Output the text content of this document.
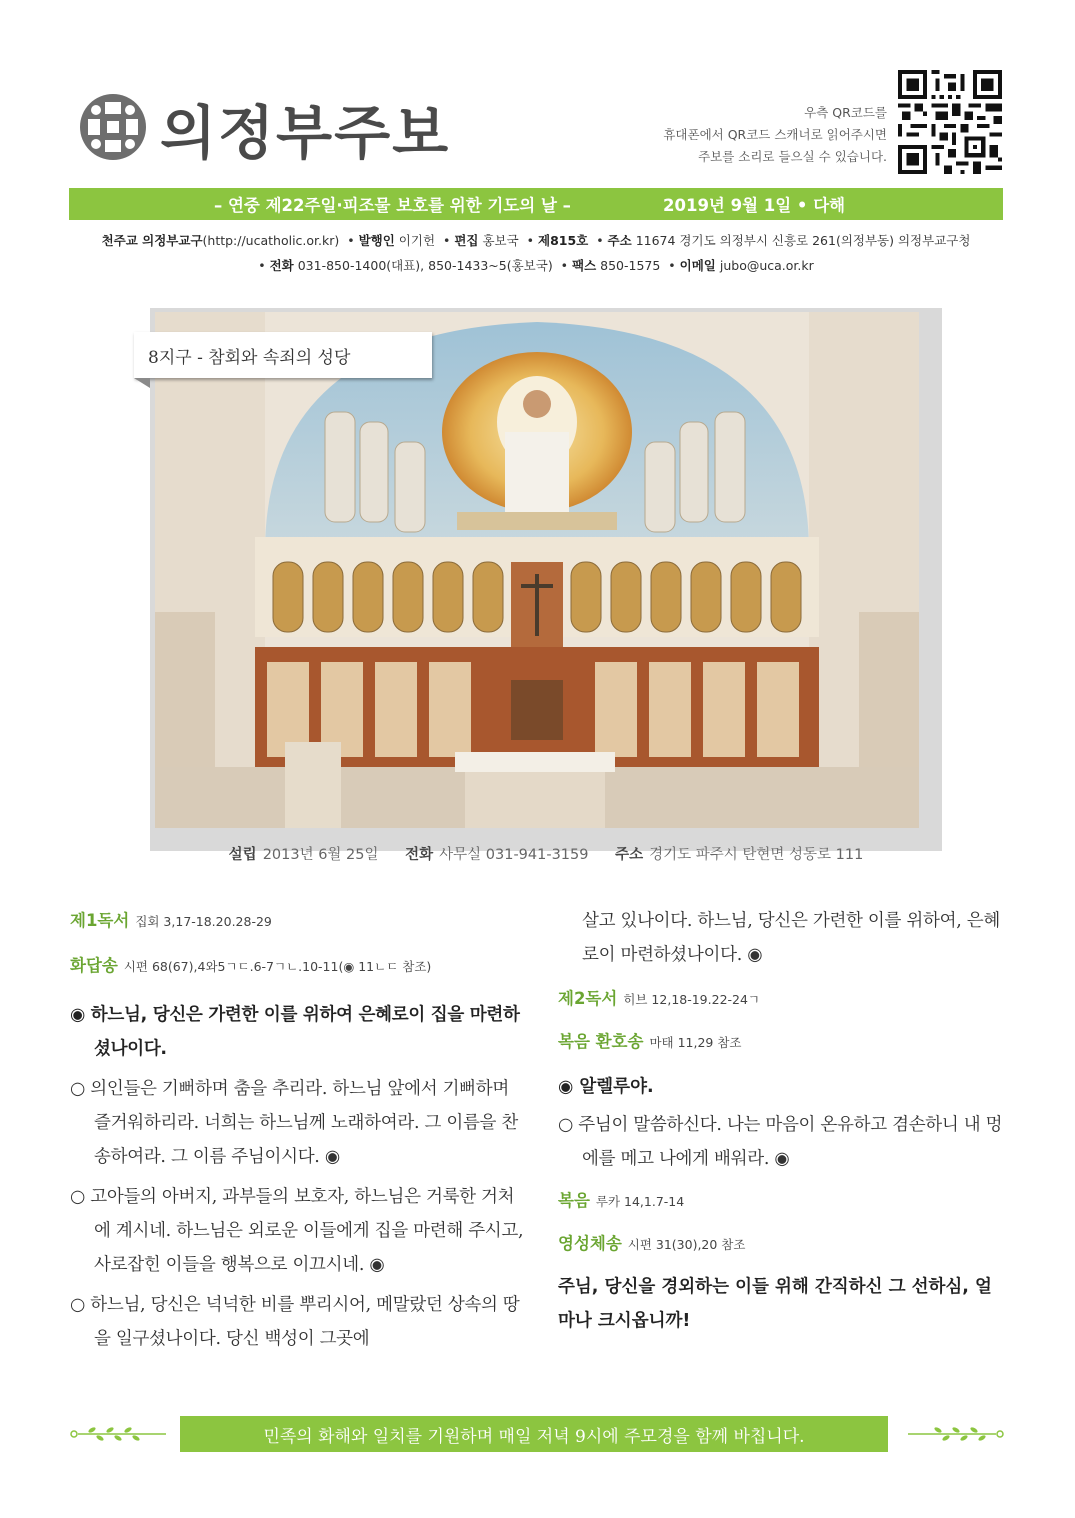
의정부주보	우측 QR코드를
휴대폰에서 QR코드 스캐너로 읽어주시면
주보를 소리로 들으실 수 있습니다.
– 연중 제22주일·피조물 보호를 위한 기도의 날 –	2019년 9월 1일 • 다해
천주교 의정부교구(http://ucatholic.or.kr)  • 발행인 이기헌  • 편집 홍보국  • 제815호  • 주소 11674 경기도 의정부시 신흥로 261(의정부동) 의정부교구청
• 전화 031-850-1400(대표), 850-1433~5(홍보국)  • 팩스 850-1575  • 이메일 jubo@uca.or.kr
8지구 - 참회와 속죄의 성당
설립 2013년 6월 25일 전화 사무실 031-941-3159 주소 경기도 파주시 탄현면 성동로 111
제1독서 집회 3,17-18.20.28-29
화답송 시편 68(67),4와5ㄱㄷ.6-7ㄱㄴ.10-11(◉ 11ㄴㄷ 참조)
◉ 하느님, 당신은 가련한 이를 위하여 은혜로이 집을 마련하셨나이다.
○ 의인들은 기뻐하며 춤을 추리라. 하느님 앞에서 기뻐하며 즐거워하리라. 너희는 하느님께 노래하여라. 그 이름을 찬송하여라. 그 이름 주님이시다. ◉
○ 고아들의 아버지, 과부들의 보호자, 하느님은 거룩한 거처에 계시네. 하느님은 외로운 이들에게 집을 마련해 주시고, 사로잡힌 이들을 행복으로 이끄시네. ◉
○ 하느님, 당신은 넉넉한 비를 뿌리시어, 메말랐던 상속의 땅을 일구셨나이다. 당신 백성이 그곳에
살고 있나이다. 하느님, 당신은 가련한 이를 위하여, 은혜로이 마련하셨나이다. ◉
제2독서 히브 12,18-19.22-24ㄱ
복음 환호송 마태 11,29 참조
◉ 알렐루야.
○ 주님이 말씀하신다. 나는 마음이 온유하고 겸손하니 내 멍에를 메고 나에게 배워라. ◉
복음 루카 14,1.7-14
영성체송 시편 31(30),20 참조
주님, 당신을 경외하는 이들 위해 간직하신 그 선하심, 얼마나 크시옵니까!
민족의 화해와 일치를 기원하며 매일 저녁 9시에 주모경을 함께 바칩니다.
